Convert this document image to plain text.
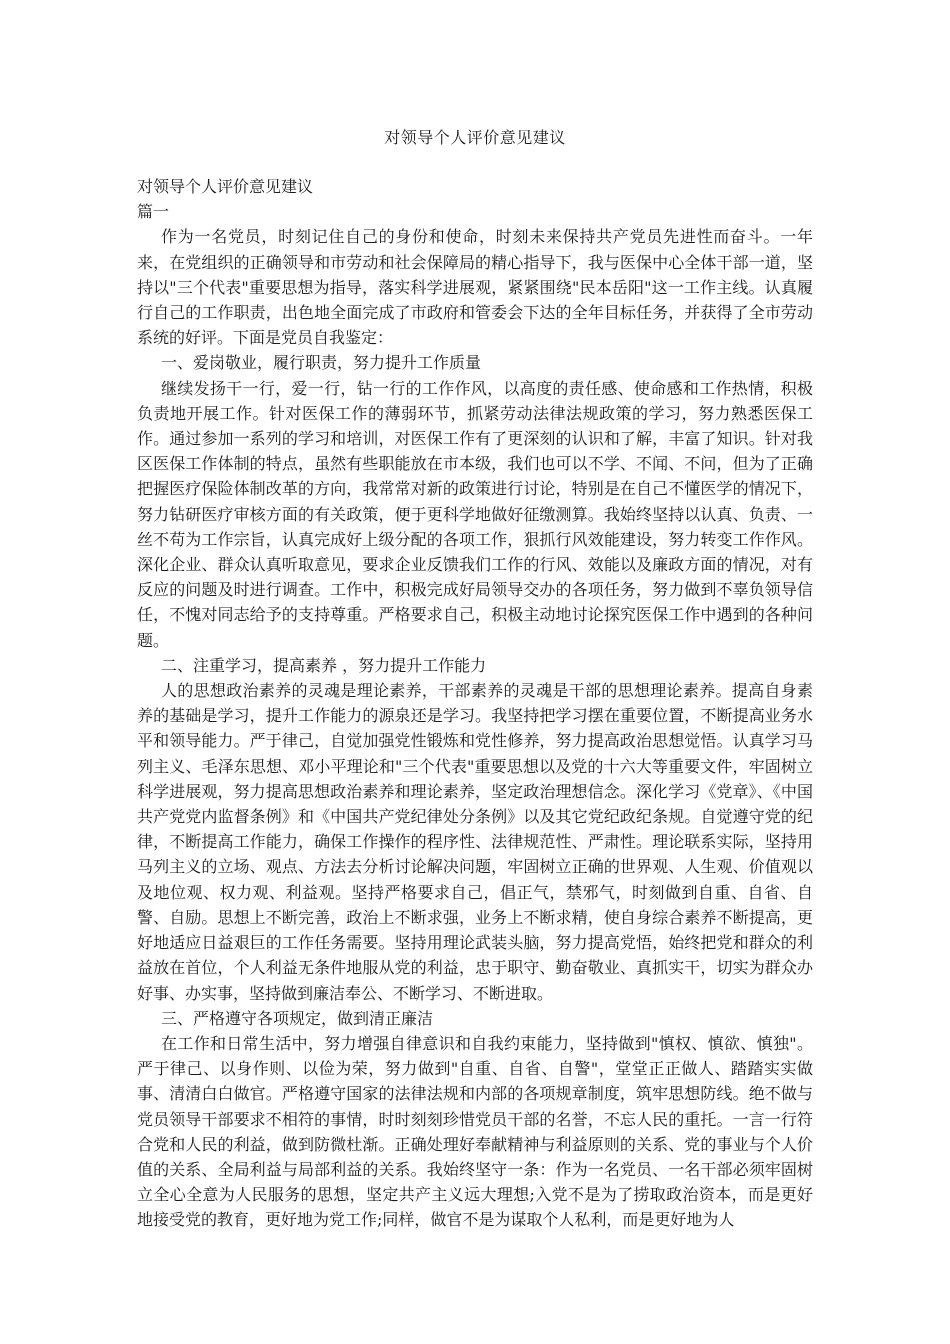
对领导个人评价意见建议

对领导个人评价意见建议

篇一

作为一名党员，时刻记住自己的身份和使命，时刻未来保持共产党员先进性而奋斗。一年来，在党组织的正确领导和市劳动和社会保障局的精心指导下，我与医保中心全体干部一道，坚持以"三个代表"重要思想为指导，落实科学进展观，紧紧围绕"民本岳阳"这一工作主线。认真履行自己的工作职责，出色地全面完成了市政府和管委会下达的全年目标任务，并获得了全市劳动系统的好评。下面是党员自我鉴定：

一、爱岗敬业，履行职责，努力提升工作质量

继续发扬干一行，爱一行，钻一行的工作作风，以高度的责任感、使命感和工作热情，积极负责地开展工作。针对医保工作的薄弱环节，抓紧劳动法律法规政策的学习，努力熟悉医保工作。通过参加一系列的学习和培训，对医保工作有了更深刻的认识和了解，丰富了知识。针对我区医保工作体制的特点，虽然有些职能放在市本级，我们也可以不学、不闻、不问，但为了正确把握医疗保险体制改革的方向，我常常对新的政策进行讨论，特别是在自己不懂医学的情况下，努力钻研医疗审核方面的有关政策，便于更科学地做好征缴测算。我始终坚持以认真、负责、一丝不苟为工作宗旨，认真完成好上级分配的各项工作，狠抓行风效能建设，努力转变工作作风。深化企业、群众认真听取意见，要求企业反馈我们工作的行风、效能以及廉政方面的情况，对有反应的问题及时进行调查。工作中，积极完成好局领导交办的各项任务，努力做到不辜负领导信任，不愧对同志给予的支持尊重。严格要求自己，积极主动地讨论探究医保工作中遇到的各种问题。

二、注重学习，提高素养 ，努力提升工作能力

人的思想政治素养的灵魂是理论素养，干部素养的灵魂是干部的思想理论素养。提高自身素养的基础是学习，提升工作能力的源泉还是学习。我坚持把学习摆在重要位置，不断提高业务水平和领导能力。严于律己，自觉加强党性锻炼和党性修养，努力提高政治思想觉悟。认真学习马列主义、毛泽东思想、邓小平理论和"三个代表"重要思想以及党的十六大等重要文件，牢固树立科学进展观，努力提高思想政治素养和理论素养，坚定政治理想信念。深化学习《党章》、《中国共产党党内监督条例》和《中国共产党纪律处分条例》以及其它党纪政纪条规。自觉遵守党的纪律，不断提高工作能力，确保工作操作的程序性、法律规范性、严肃性。理论联系实际，坚持用马列主义的立场、观点、方法去分析讨论解决问题，牢固树立正确的世界观、人生观、价值观以及地位观、权力观、利益观。坚持严格要求自己，倡正气，禁邪气，时刻做到自重、自省、自警、自励。思想上不断完善，政治上不断求强，业务上不断求精，使自身综合素养不断提高，更好地适应日益艰巨的工作任务需要。坚持用理论武装头脑，努力提高党悟，始终把党和群众的利益放在首位，个人利益无条件地服从党的利益，忠于职守、勤奋敬业、真抓实干，切实为群众办好事、办实事，坚持做到廉洁奉公、不断学习、不断进取。

三、严格遵守各项规定，做到清正廉洁

在工作和日常生活中，努力增强自律意识和自我约束能力，坚持做到"慎权、慎欲、慎独"。严于律己、以身作则、以俭为荣，努力做到"自重、自省、自警"，堂堂正正做人、踏踏实实做事、清清白白做官。严格遵守国家的法律法规和内部的各项规章制度，筑牢思想防线。绝不做与党员领导干部要求不相符的事情，时时刻刻珍惜党员干部的名誉，不忘人民的重托。一言一行符合党和人民的利益，做到防微杜渐。正确处理好奉献精神与利益原则的关系、党的事业与个人价值的关系、全局利益与局部利益的关系。我始终坚守一条：作为一名党员、一名干部必须牢固树立全心全意为人民服务的思想，坚定共产主义远大理想;入党不是为了捞取政治资本，而是更好地接受党的教育，更好地为党工作;同样，做官不是为谋取个人私利，而是更好地为人
